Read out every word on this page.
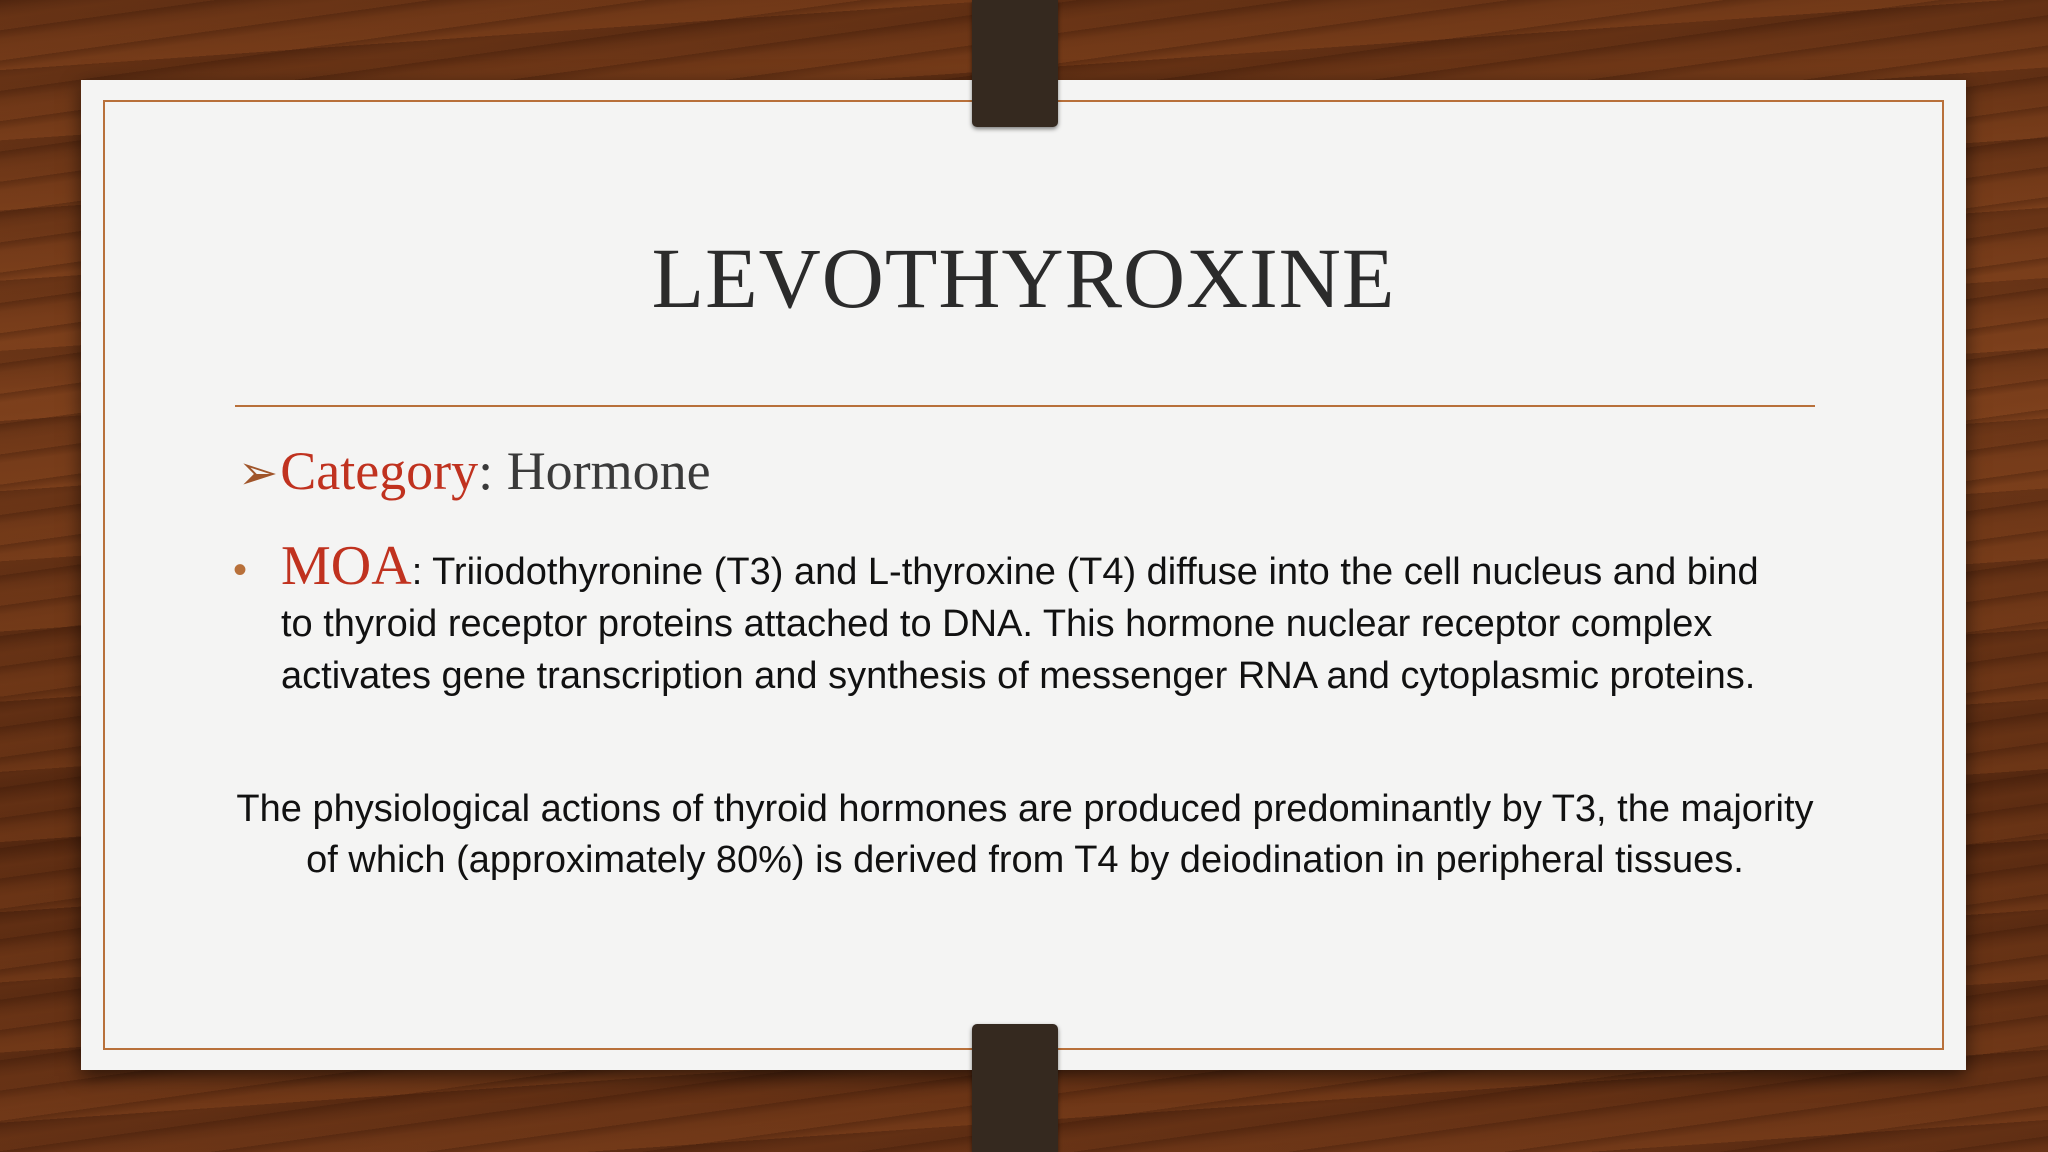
LEVOTHYROXINE
➢Category: Hormone
• MOA: Triiodothyronine (T3) and L-thyroxine (T4) diffuse into the cell nucleus and bind to thyroid receptor proteins attached to DNA. This hormone nuclear receptor complex activates gene transcription and synthesis of messenger RNA and cytoplasmic proteins.
The physiological actions of thyroid hormones are produced predominantly by T3, the majority of which (approximately 80%) is derived from T4 by deiodination in peripheral tissues.
